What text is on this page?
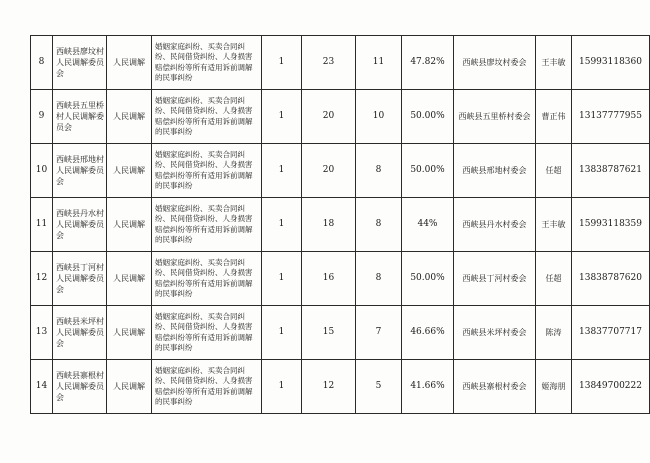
8	西峡县廖坟村人民调解委员会	人民调解	婚姻家庭纠纷、买卖合同纠纷、民间借贷纠纷、人身损害赔偿纠纷等所有适用诉前调解的民事纠纷	1	23	11	47.82%	西峡县廖坟村委会	王丰敏	15993118360
9	西峡县五里桥村人民调解委员会	人民调解	婚姻家庭纠纷、买卖合同纠纷、民间借贷纠纷、人身损害赔偿纠纷等所有适用诉前调解的民事纠纷	1	20	10	50.00%	西峡县五里桥村委会	曹正伟	13137777955
10	西峡县邢地村人民调解委员会	人民调解	婚姻家庭纠纷、买卖合同纠纷、民间借贷纠纷、人身损害赔偿纠纷等所有适用诉前调解的民事纠纷	1	20	8	50.00%	西峡县邢地村委会	任超	13838787621
11	西峡县丹水村人民调解委员会	人民调解	婚姻家庭纠纷、买卖合同纠纷、民间借贷纠纷、人身损害赔偿纠纷等所有适用诉前调解的民事纠纷	1	18	8	44%	西峡县丹水村委会	王丰敏	15993118359
12	西峡县丁河村人民调解委员会	人民调解	婚姻家庭纠纷、买卖合同纠纷、民间借贷纠纷、人身损害赔偿纠纷等所有适用诉前调解的民事纠纷	1	16	8	50.00%	西峡县丁河村委会	任超	13838787620
13	西峡县米坪村人民调解委员会	人民调解	婚姻家庭纠纷、买卖合同纠纷、民间借贷纠纷、人身损害赔偿纠纷等所有适用诉前调解的民事纠纷	1	15	7	46.66%	西峡县米坪村委会	陈涛	13837707717
14	西峡县寨根村人民调解委员会	人民调解	婚姻家庭纠纷、买卖合同纠纷、民间借贷纠纷、人身损害赔偿纠纷等所有适用诉前调解的民事纠纷	1	12	5	41.66%	西峡县寨根村委会	姬海朋	13849700222
